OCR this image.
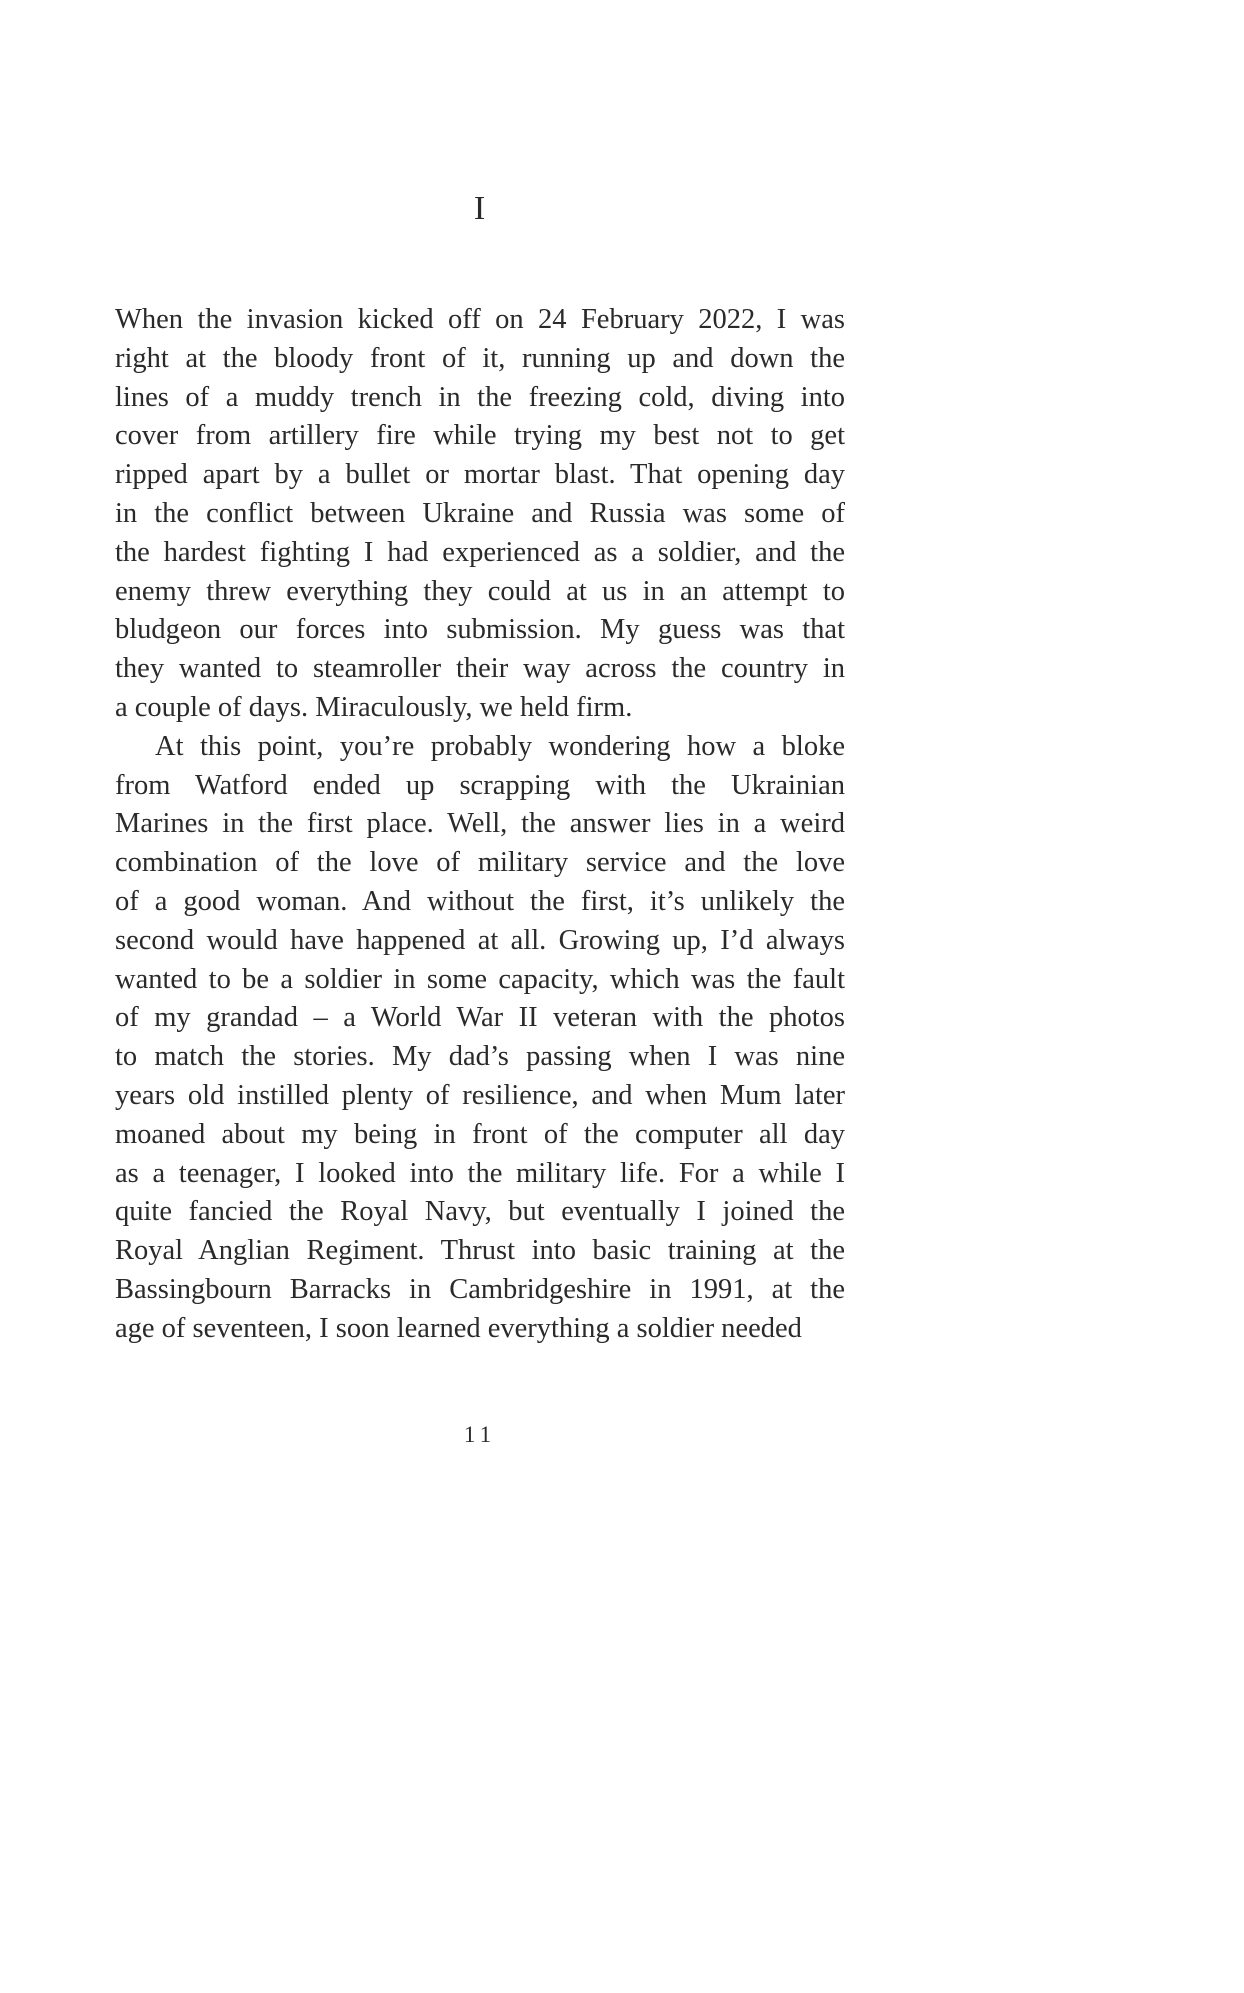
I
When the invasion kicked off on 24 February 2022, I was
right at the bloody front of it, running up and down the
lines of a muddy trench in the freezing cold, diving into
cover from artillery fire while trying my best not to get
ripped apart by a bullet or mortar blast. That opening day
in the conflict between Ukraine and Russia was some of
the hardest fighting I had experienced as a soldier, and the
enemy threw everything they could at us in an attempt to
bludgeon our forces into submission. My guess was that
they wanted to steamroller their way across the country in
a couple of days. Miraculously, we held firm.
At this point, you’re probably wondering how a bloke
from Watford ended up scrapping with the Ukrainian
Marines in the first place. Well, the answer lies in a weird
combination of the love of military service and the love
of a good woman. And without the first, it’s unlikely the
second would have happened at all. Growing up, I’d always
wanted to be a soldier in some capacity, which was the fault
of my grandad – a World War II veteran with the photos
to match the stories. My dad’s passing when I was nine
years old instilled plenty of resilience, and when Mum later
moaned about my being in front of the computer all day
as a teenager, I looked into the military life. For a while I
quite fancied the Royal Navy, but eventually I joined the
Royal Anglian Regiment. Thrust into basic training at the
Bassingbourn Barracks in Cambridgeshire in 1991, at the
age of seventeen, I soon learned everything a soldier needed
11
